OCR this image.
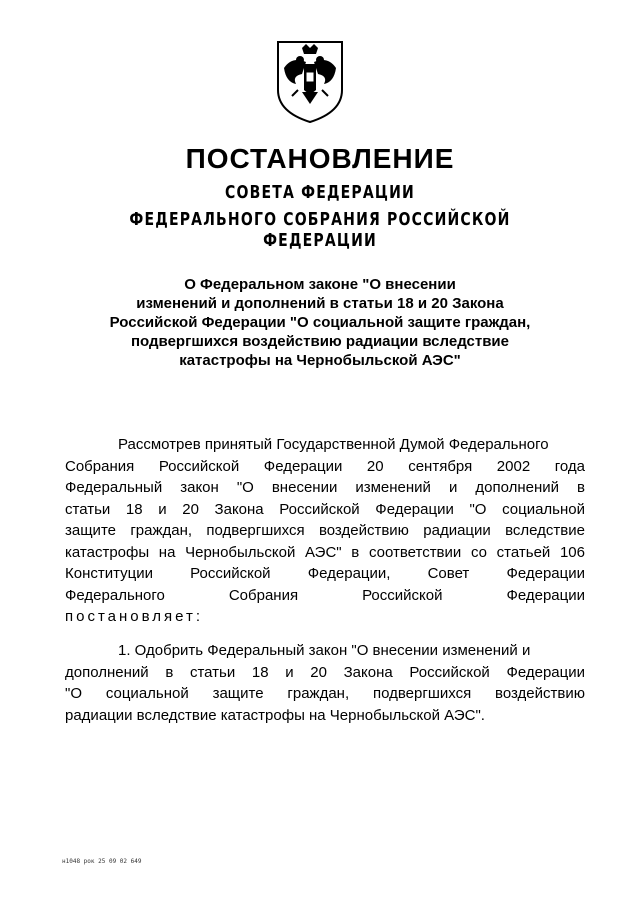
ПОСТАНОВЛЕНИЕ
СОВЕТА ФЕДЕРАЦИИ
ФЕДЕРАЛЬНОГО СОБРАНИЯ РОССИЙСКОЙ ФЕДЕРАЦИИ
О Федеральном законе "О внесении
изменений и дополнений в статьи 18 и 20 Закона
Российской Федерации "О социальной защите граждан,
подвергшихся воздействию радиации вследствие
катастрофы на Чернобыльской АЭС"
Рассмотрев принятый Государственной Думой Федерального
Собрания Российской Федерации 20 сентября 2002 года
Федеральный закон "О внесении изменений и дополнений в
статьи 18 и 20 Закона Российской Федерации "О социальной
защите граждан, подвергшихся воздействию радиации вследствие
катастрофы на Чернобыльской АЭС" в соответствии со статьей 106
Конституции Российской Федерации, Совет Федерации
Федерального Собрания Российской Федерации
постановляет:
1. Одобрить Федеральный закон "О внесении изменений и
дополнений в статьи 18 и 20 Закона Российской Федерации
"О социальной защите граждан, подвергшихся воздействию
радиации вследствие катастрофы на Чернобыльской АЭС".
н1048 рок 25 09 02 649
